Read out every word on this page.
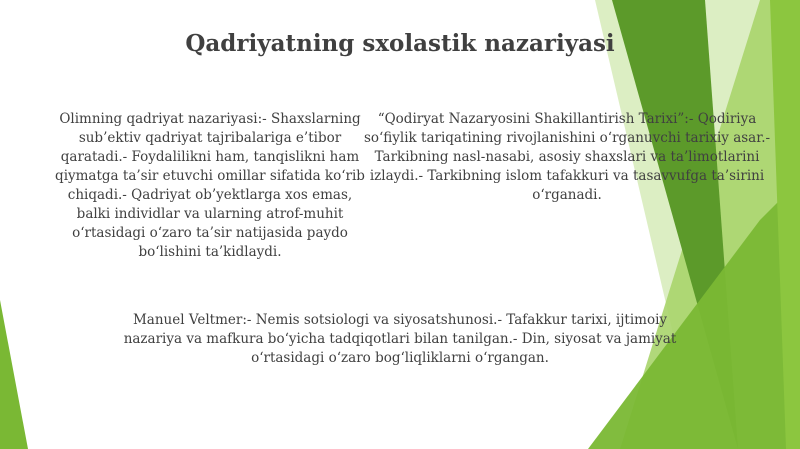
Qadriyatning sxolastik nazariyasi

Olimning qadriyat nazariyasi:- Shaxslarning sub’ektiv qadriyat tajribalariga e’tibor qaratadi.- Foydalilikni ham, tanqislikni ham qiymatga ta’sir etuvchi omillar sifatida ko‘rib chiqadi.- Qadriyat ob’yektlarga xos emas, balki individlar va ularning atrof-muhit o‘rtasidagi o‘zaro ta’sir natijasida paydo bo‘lishini ta’kidlaydi.

“Qodiryat Nazaryosini Shakillantirish Tarixi”:- Qodiriya so‘fiylik tariqatining rivojlanishini o‘rganuvchi tarixiy asar.- Tarkibning nasl-nasabi, asosiy shaxslari va ta’limotlarini izlaydi.- Tarkibning islom tafakkuri va tasavvufga ta’sirini o‘rganadi.

Manuel Veltmer:- Nemis sotsiologi va siyosatshunosi.- Tafakkur tarixi, ijtimoiy nazariya va mafkura bo‘yicha tadqiqotlari bilan tanilgan.- Din, siyosat va jamiyat o‘rtasidagi o‘zaro bog‘liqliklarni o‘rgangan.
